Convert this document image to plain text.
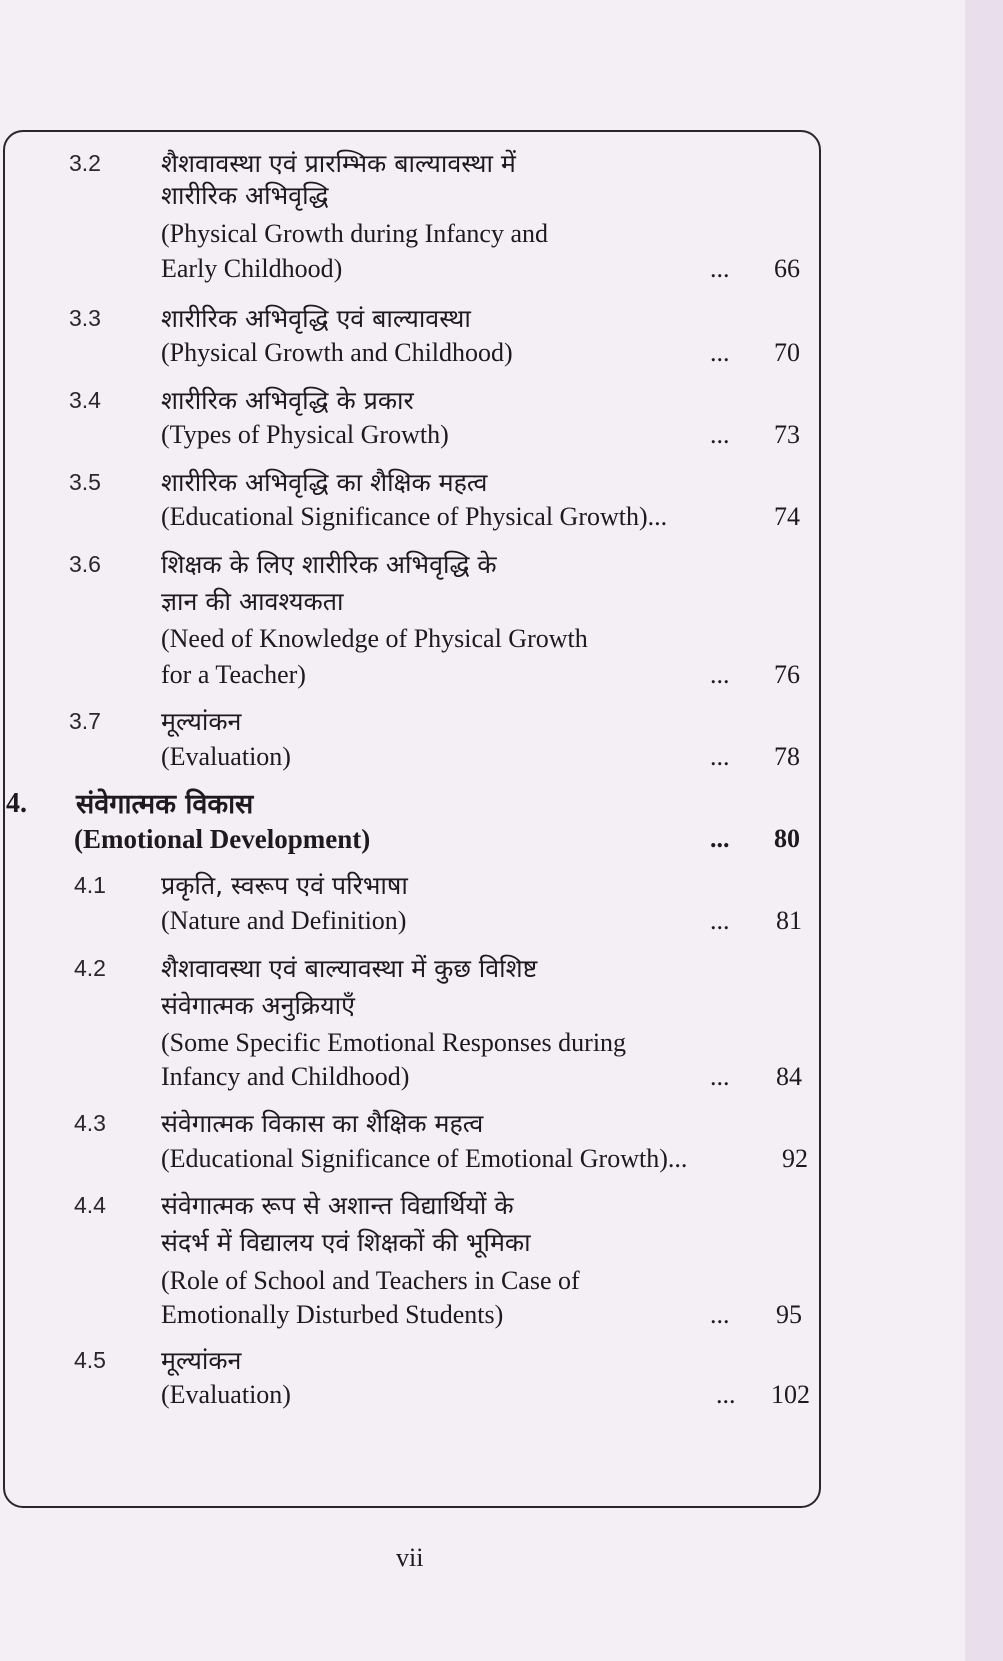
3.2 शैशवावस्था एवं प्रारम्भिक बाल्यावस्था में
शारीरिक अभिवृद्धि
(Physical Growth during Infancy and
Early Childhood)	...	66
3.3 शारीरिक अभिवृद्धि एवं बाल्यावस्था
(Physical Growth and Childhood)	...	70
3.4 शारीरिक अभिवृद्धि के प्रकार
(Types of Physical Growth)	...	73
3.5 शारीरिक अभिवृद्धि का शैक्षिक महत्व
(Educational Significance of Physical Growth)...	74
3.6 शिक्षक के लिए शारीरिक अभिवृद्धि के
ज्ञान की आवश्यकता
(Need of Knowledge of Physical Growth
for a Teacher)	...	76
3.7 मूल्यांकन
(Evaluation)	...	78
4. संवेगात्मक विकास
(Emotional Development)	...	80
4.1 प्रकृति, स्वरूप एवं परिभाषा
(Nature and Definition)	...	81
4.2 शैशवावस्था एवं बाल्यावस्था में कुछ विशिष्ट
संवेगात्मक अनुक्रियाएँ
(Some Specific Emotional Responses during
Infancy and Childhood)	...	84
4.3 संवेगात्मक विकास का शैक्षिक महत्व
(Educational Significance of Emotional Growth)...	92
4.4 संवेगात्मक रूप से अशान्त विद्यार्थियों के
संदर्भ में विद्यालय एवं शिक्षकों की भूमिका
(Role of School and Teachers in Case of
Emotionally Disturbed Students)	...	95
4.5 मूल्यांकन
(Evaluation)	...	102
vii
